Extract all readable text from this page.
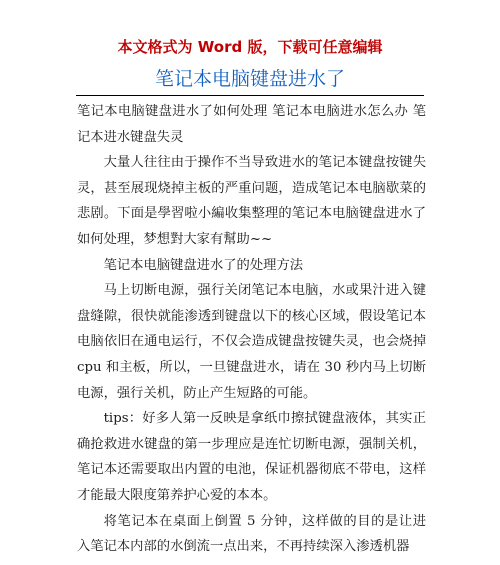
本文格式为 Word 版，下载可任意编辑
笔记本电脑键盘进水了

笔记本电脑键盘进水了如何处理 笔记本电脑进水怎么办 笔记本进水键盘失灵

大量人往往由于操作不当导致进水的笔记本键盘按键失灵，甚至展现烧掉主板的严重问题，造成笔记本电脑歇菜的悲剧。下面是學習啦小編收集整理的笔记本电脑键盘进水了如何处理，梦想對大家有幫助~~

笔记本电脑键盘进水了的处理方法

马上切断电源，强行关闭笔记本电脑，水或果汁进入键盘缝隙，很快就能渗透到键盘以下的核心区域，假设笔记本电脑依旧在通电运行，不仅会造成键盘按键失灵，也会烧掉 cpu 和主板，所以，一旦键盘进水，请在 30 秒内马上切断电源，强行关机，防止产生短路的可能。

tips：好多人第一反映是拿纸巾擦拭键盘液体，其实正确抢救进水键盘的第一步理应是连忙切断电源，强制关机，笔记本还需要取出内置的电池，保证机器彻底不带电，这样才能最大限度第养护心爱的本本。

将笔记本在桌面上倒置 5 分钟，这样做的目的是让进入笔记本内部的水倒流一点出来，不再持续深入渗透机器
